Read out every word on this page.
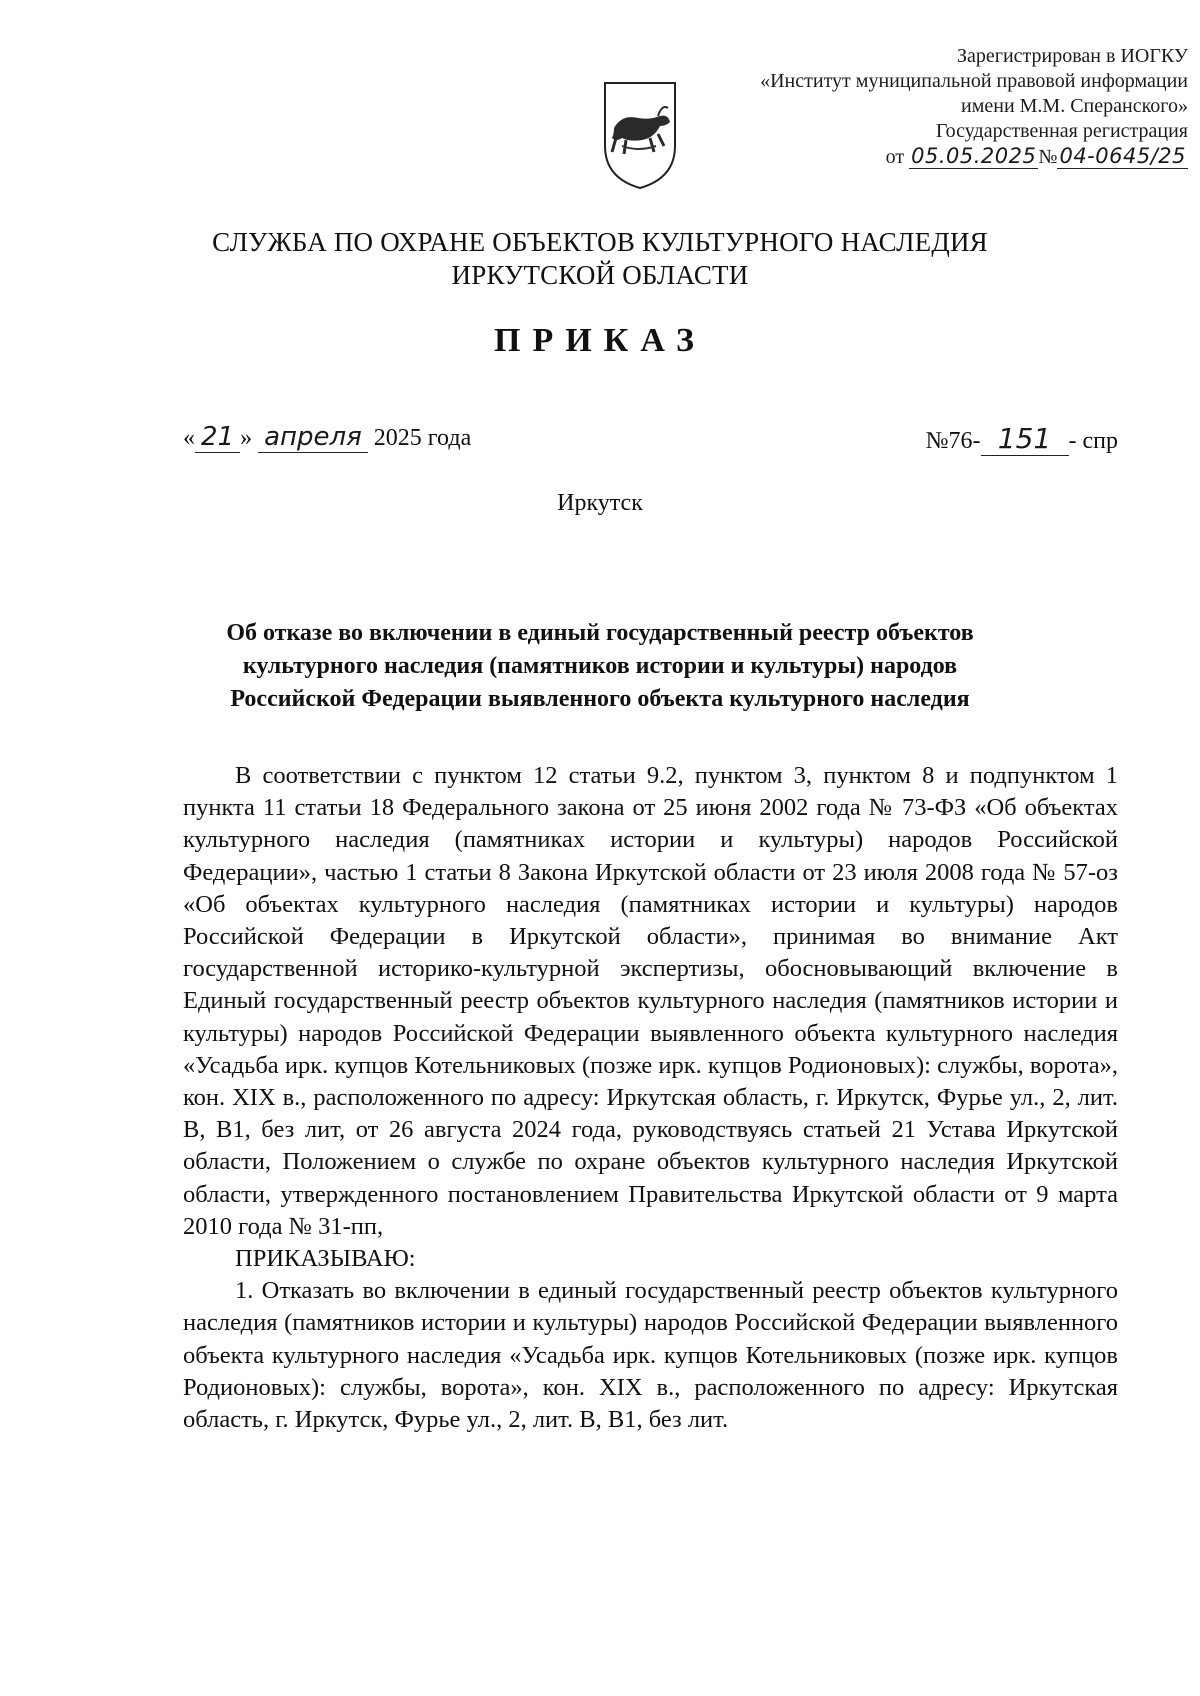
Зарегистрирован в ИОГКУ
«Институт муниципальной правовой информации
имени М.М. Сперанского»
Государственная регистрация
от 05.05.2025 №04-0645/25
СЛУЖБА ПО ОХРАНЕ ОБЪЕКТОВ КУЛЬТУРНОГО НАСЛЕДИЯ
ИРКУТСКОЙ ОБЛАСТИ
ПРИКАЗ
« 21 » апреля 2025 года	№76- 151 - спр
Иркутск
Об отказе во включении в единый государственный реестр объектов
культурного наследия (памятников истории и культуры) народов
Российской Федерации выявленного объекта культурного наследия

В соответствии с пунктом 12 статьи 9.2, пунктом 3, пунктом 8 и подпунктом 1 пункта 11 статьи 18 Федерального закона от 25 июня 2002 года № 73-ФЗ «Об объектах культурного наследия (памятниках истории и культуры) народов Российской Федерации», частью 1 статьи 8 Закона Иркутской области от 23 июля 2008 года № 57-оз «Об объектах культурного наследия (памятниках истории и культуры) народов Российской Федерации в Иркутской области», принимая во внимание Акт государственной историко-культурной экспертизы, обосновывающий включение в Единый государственный реестр объектов культурного наследия (памятников истории и культуры) народов Российской Федерации выявленного объекта культурного наследия «Усадьба ирк. купцов Котельниковых (позже ирк. купцов Родионовых): службы, ворота», кон. XIX в., расположенного по адресу: Иркутская область, г. Иркутск, Фурье ул., 2, лит. В, В1, без лит, от 26 августа 2024 года, руководствуясь статьей 21 Устава Иркутской области, Положением о службе по охране объектов культурного наследия Иркутской области, утвержденного постановлением Правительства Иркутской области от 9 марта 2010 года № 31-пп,

ПРИКАЗЫВАЮ:

1. Отказать во включении в единый государственный реестр объектов культурного наследия (памятников истории и культуры) народов Российской Федерации выявленного объекта культурного наследия «Усадьба ирк. купцов Котельниковых (позже ирк. купцов Родионовых): службы, ворота», кон. XIX в., расположенного по адресу: Иркутская область, г. Иркутск, Фурье ул., 2, лит. В, В1, без лит.
